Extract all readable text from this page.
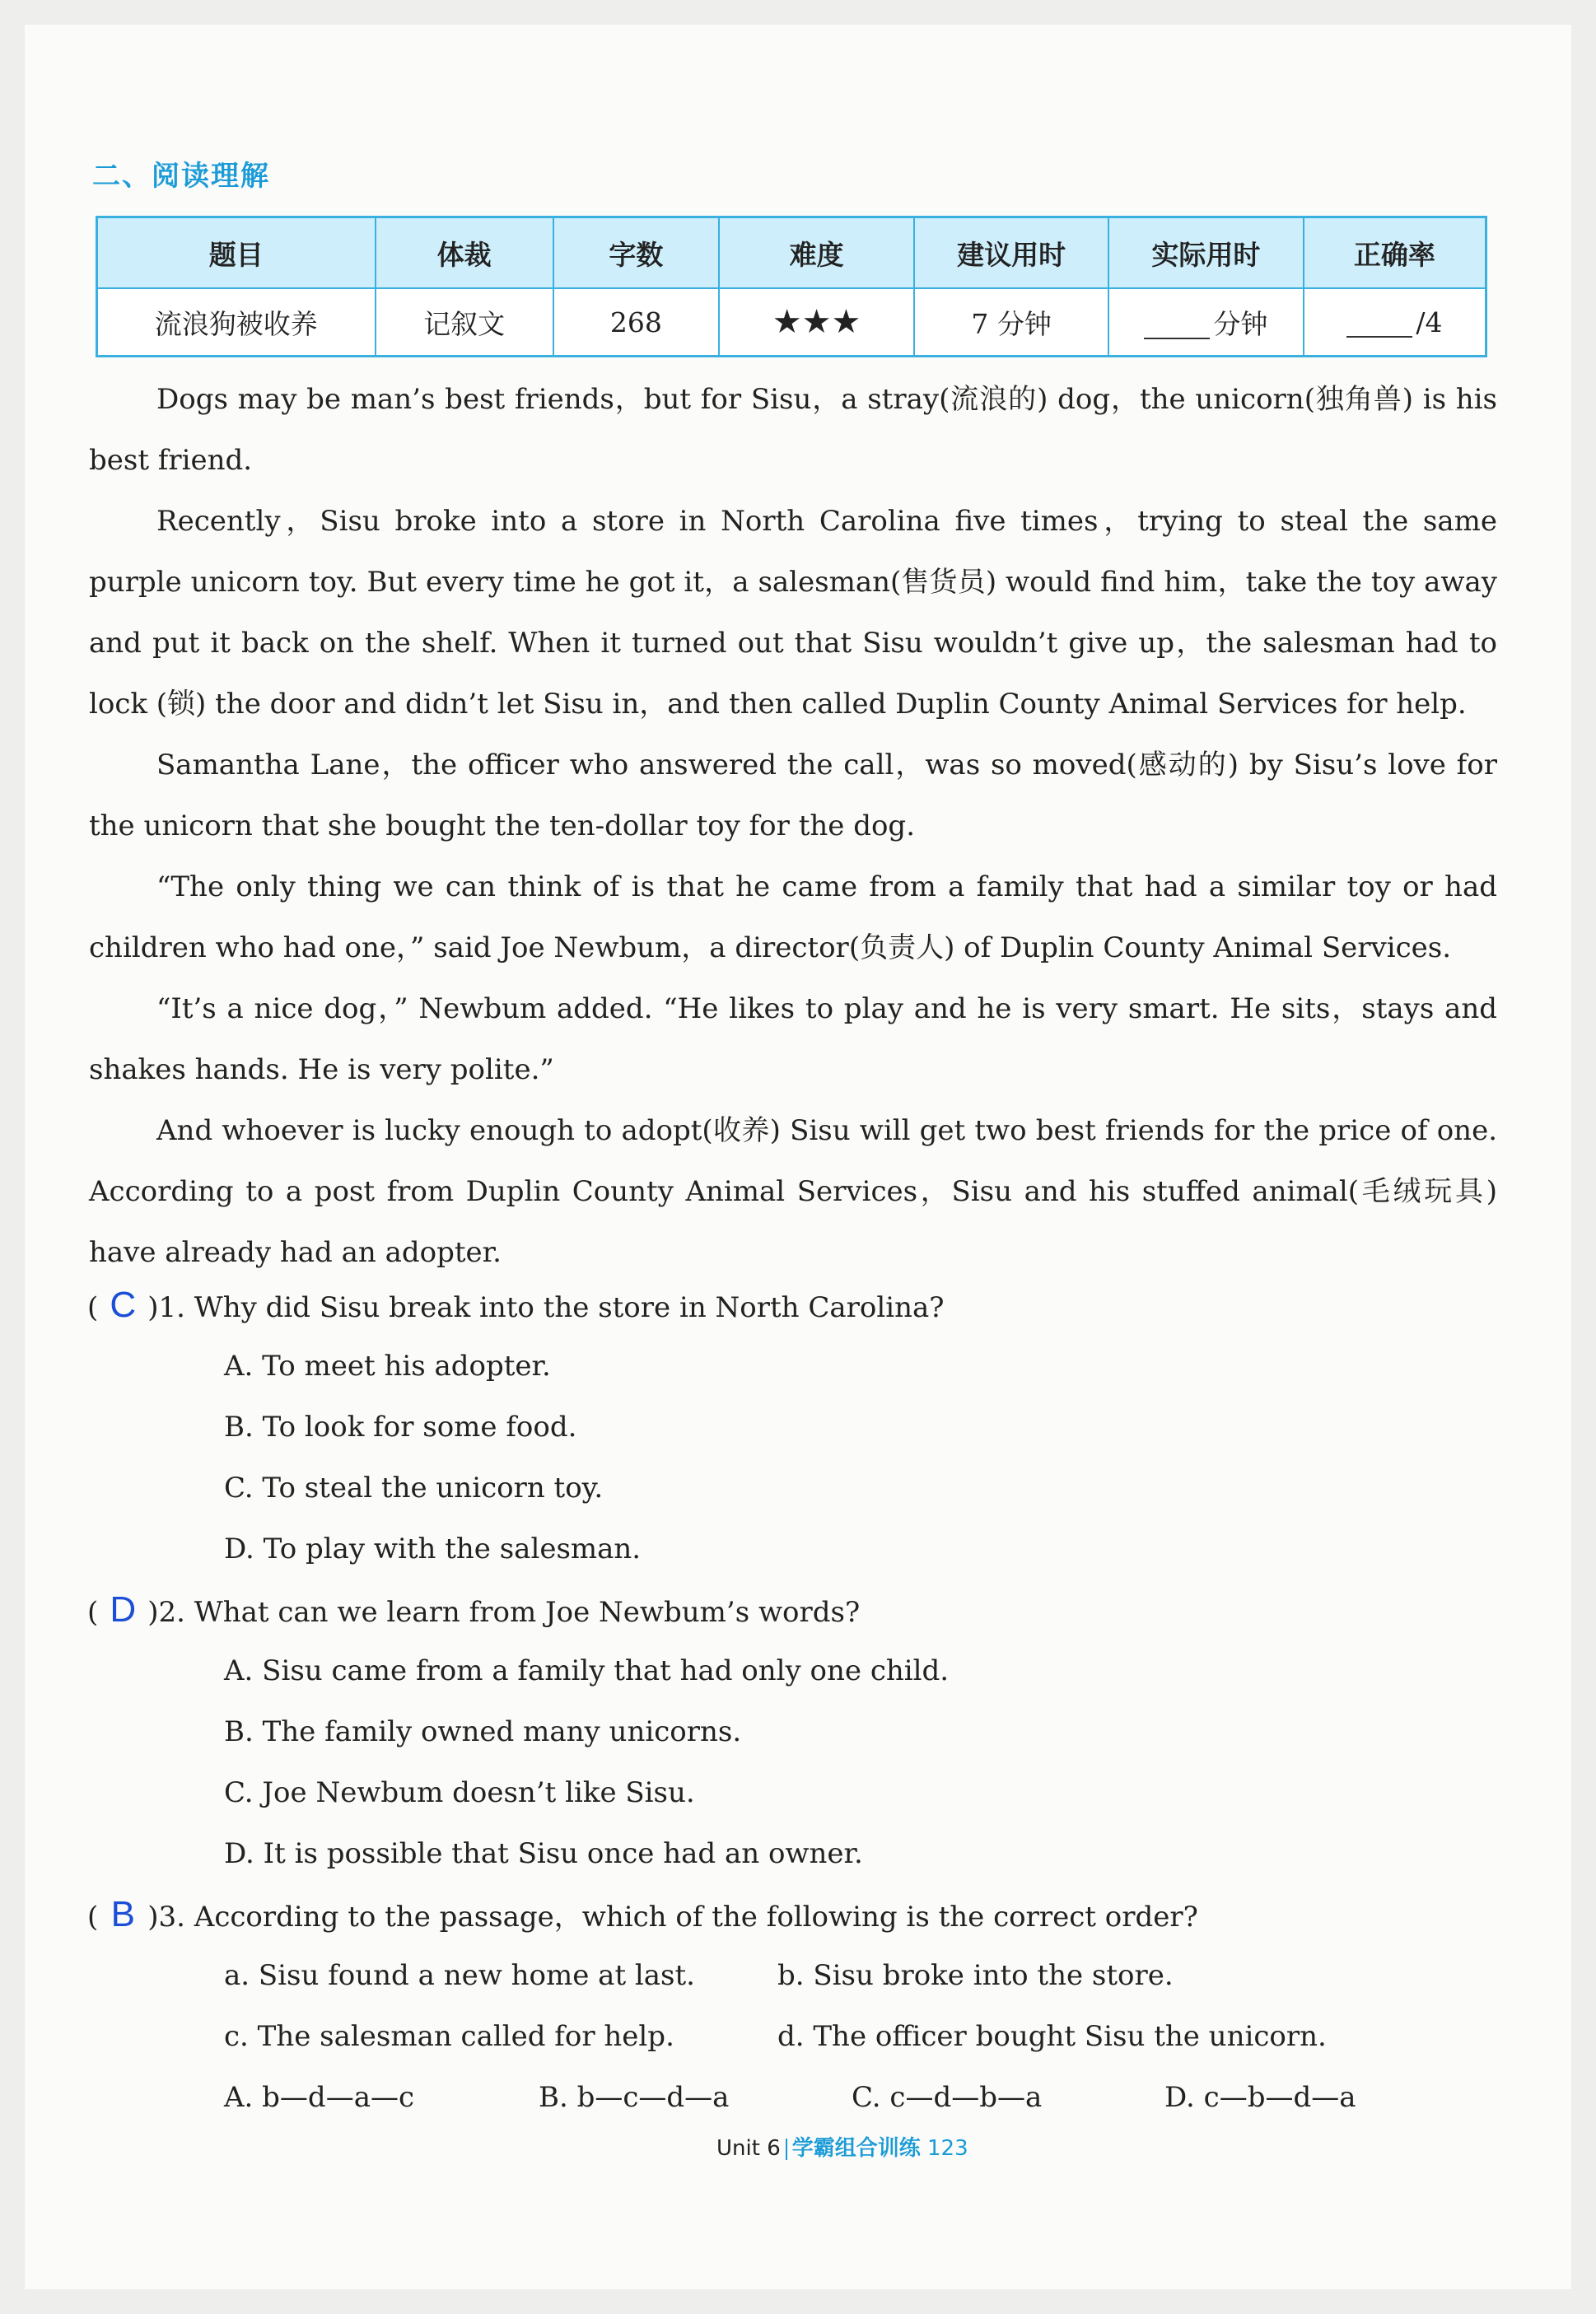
二、阅读理解
题目	体裁	字数	难度	建议用时	实际用时	正确率
流浪狗被收养	记叙文	268	★★★	7 分钟	分钟	/4

Dogs may be man’s best friends，but for Sisu，a stray(流浪的) dog，the unicorn(独角兽) is his best friend.

Recently，Sisu broke into a store in North Carolina five times，trying to steal the same purple unicorn toy. But every time he got it，a salesman(售货员) would find him，take the toy away and put it back on the shelf. When it turned out that Sisu wouldn’t give up，the salesman had to lock (锁) the door and didn’t let Sisu in，and then called Duplin County Animal Services for help.

Samantha Lane，the officer who answered the call，was so moved(感动的) by Sisu’s love for the unicorn that she bought the ten-dollar toy for the dog.

“The only thing we can think of is that he came from a family that had a similar toy or had children who had one，” said Joe Newbum，a director(负责人) of Duplin County Animal Services.

“It’s a nice dog，” Newbum added. “He likes to play and he is very smart. He sits，stays and shakes hands. He is very polite.”

And whoever is lucky enough to adopt(收养) Sisu will get two best friends for the price of one. According to a post from Duplin County Animal Services，Sisu and his stuffed animal(毛绒玩具) have already had an adopter.

( C )1. Why did Sisu break into the store in North Carolina?
A. To meet his adopter.
B. To look for some food.
C. To steal the unicorn toy.
D. To play with the salesman.
( D )2. What can we learn from Joe Newbum’s words?
A. Sisu came from a family that had only one child.
B. The family owned many unicorns.
C. Joe Newbum doesn’t like Sisu.
D. It is possible that Sisu once had an owner.
( B )3. According to the passage，which of the following is the correct order?
a. Sisu found a new home at last.	b. Sisu broke into the store.
c. The salesman called for help.	d. The officer bought Sisu the unicorn.
A. b—d—a—c	B. b—c—d—a	C. c—d—b—a	D. c—b—d—a
Unit 6 学霸组合训练 123
